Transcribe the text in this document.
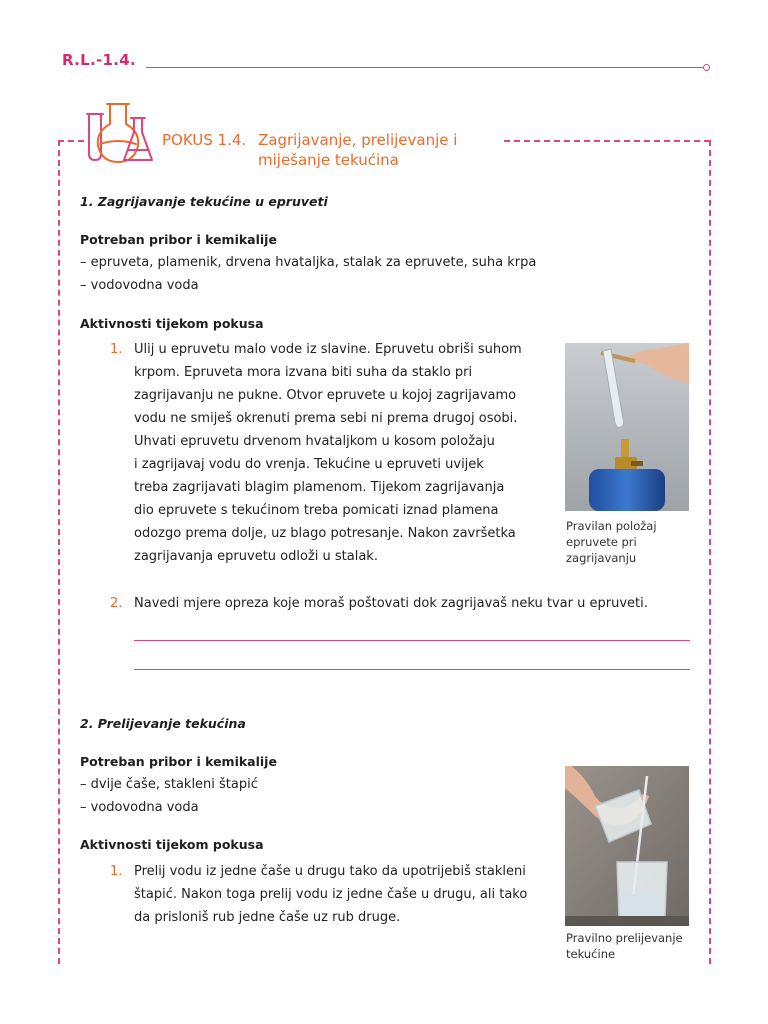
R.L.-1.4.
POKUS 1.4. Zagrijavanje, prelijevanje i
miješanje tekućina
1. Zagrijavanje tekućine u epruveti
Potreban pribor i kemikalije
– epruveta, plamenik, drvena hvataljka, stalak za epruvete, suha krpa
– vodovodna voda
Aktivnosti tijekom pokusa
1. Ulij u epruvetu malo vode iz slavine. Epruvetu obriši suhom
krpom. Epruveta mora izvana biti suha da staklo pri
zagrijavanju ne pukne. Otvor epruvete u kojoj zagrijavamo
vodu ne smiješ okrenuti prema sebi ni prema drugoj osobi.
Uhvati epruvetu drvenom hvataljkom u kosom položaju
i zagrijavaj vodu do vrenja. Tekućine u epruveti uvijek
treba zagrijavati blagim plamenom. Tijekom zagrijavanja
dio epruvete s tekućinom treba pomicati iznad plamena
odozgo prema dolje, uz blago potresanje. Nakon završetka
zagrijavanja epruvetu odloži u stalak.
Pravilan položaj
epruvete pri
zagrijavanju
2. Navedi mjere opreza koje moraš poštovati dok zagrijavaš neku tvar u epruveti.
2. Prelijevanje tekućina
Potreban pribor i kemikalije
– dvije čaše, stakleni štapić
– vodovodna voda
Aktivnosti tijekom pokusa
1. Prelij vodu iz jedne čaše u drugu tako da upotrijebiš stakleni
štapić. Nakon toga prelij vodu iz jedne čaše u drugu, ali tako
da prisloniš rub jedne čaše uz rub druge.
Pravilno prelijevanje
tekućine
